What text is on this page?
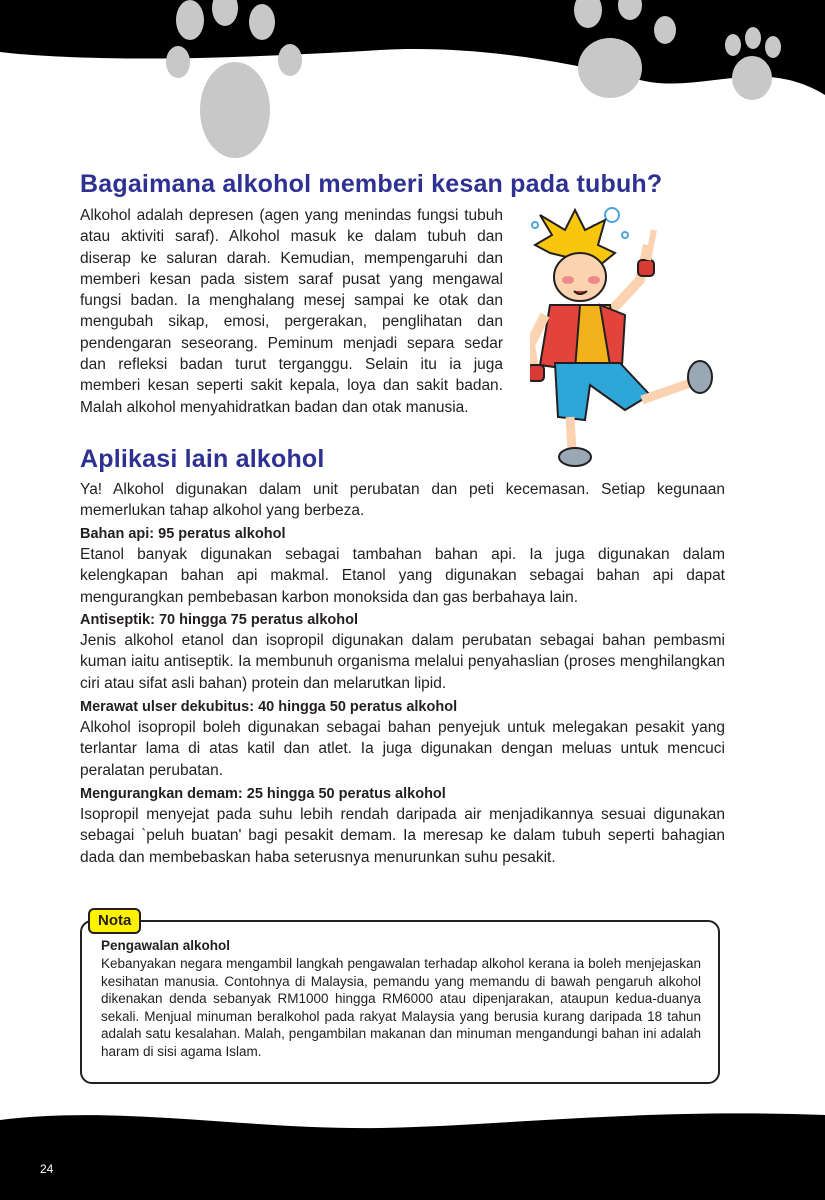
Bagaimana alkohol memberi kesan pada tubuh?

Alkohol adalah depresen (agen yang menindas fungsi tubuh atau aktiviti saraf). Alkohol masuk ke dalam tubuh dan diserap ke saluran darah. Kemudian, mempengaruhi dan memberi kesan pada sistem saraf pusat yang mengawal fungsi badan. Ia menghalang mesej sampai ke otak dan mengubah sikap, emosi, pergerakan, penglihatan dan pendengaran seseorang. Peminum menjadi separa sedar dan refleksi badan turut terganggu. Selain itu ia juga memberi kesan seperti sakit kepala, loya dan sakit badan. Malah alkohol menyahidratkan badan dan otak manusia.

Aplikasi lain alkohol

Ya! Alkohol digunakan dalam unit perubatan dan peti kecemasan. Setiap kegunaan memerlukan tahap alkohol yang berbeza.

Bahan api: 95 peratus alkohol

Etanol banyak digunakan sebagai tambahan bahan api. Ia juga digunakan dalam kelengkapan bahan api makmal. Etanol yang digunakan sebagai bahan api dapat mengurangkan pembebasan karbon monoksida dan gas berbahaya lain.

Antiseptik: 70 hingga 75 peratus alkohol

Jenis alkohol etanol dan isopropil digunakan dalam perubatan sebagai bahan pembasmi kuman iaitu antiseptik. Ia membunuh organisma melalui penyahaslian (proses menghilangkan ciri atau sifat asli bahan) protein dan melarutkan lipid.

Merawat ulser dekubitus: 40 hingga 50 peratus alkohol

Alkohol isopropil boleh digunakan sebagai bahan penyejuk untuk melegakan pesakit yang terlantar lama di atas katil dan atlet. Ia juga digunakan dengan meluas untuk mencuci peralatan perubatan.

Mengurangkan demam: 25 hingga 50 peratus alkohol

Isopropil menyejat pada suhu lebih rendah daripada air menjadikannya sesuai digunakan sebagai `peluh buatan' bagi pesakit demam. Ia meresap ke dalam tubuh seperti bahagian dada dan membebaskan haba seterusnya menurunkan suhu pesakit.

Nota

Pengawalan alkohol

Kebanyakan negara mengambil langkah pengawalan terhadap alkohol kerana ia boleh menjejaskan kesihatan manusia. Contohnya di Malaysia, pemandu yang memandu di bawah pengaruh alkohol dikenakan denda sebanyak RM1000 hingga RM6000 atau dipenjarakan, ataupun kedua-duanya sekali. Menjual minuman beralkohol pada rakyat Malaysia yang berusia kurang daripada 18 tahun adalah satu kesalahan. Malah, pengambilan makanan dan minuman mengandungi bahan ini adalah haram di sisi agama Islam.

24
